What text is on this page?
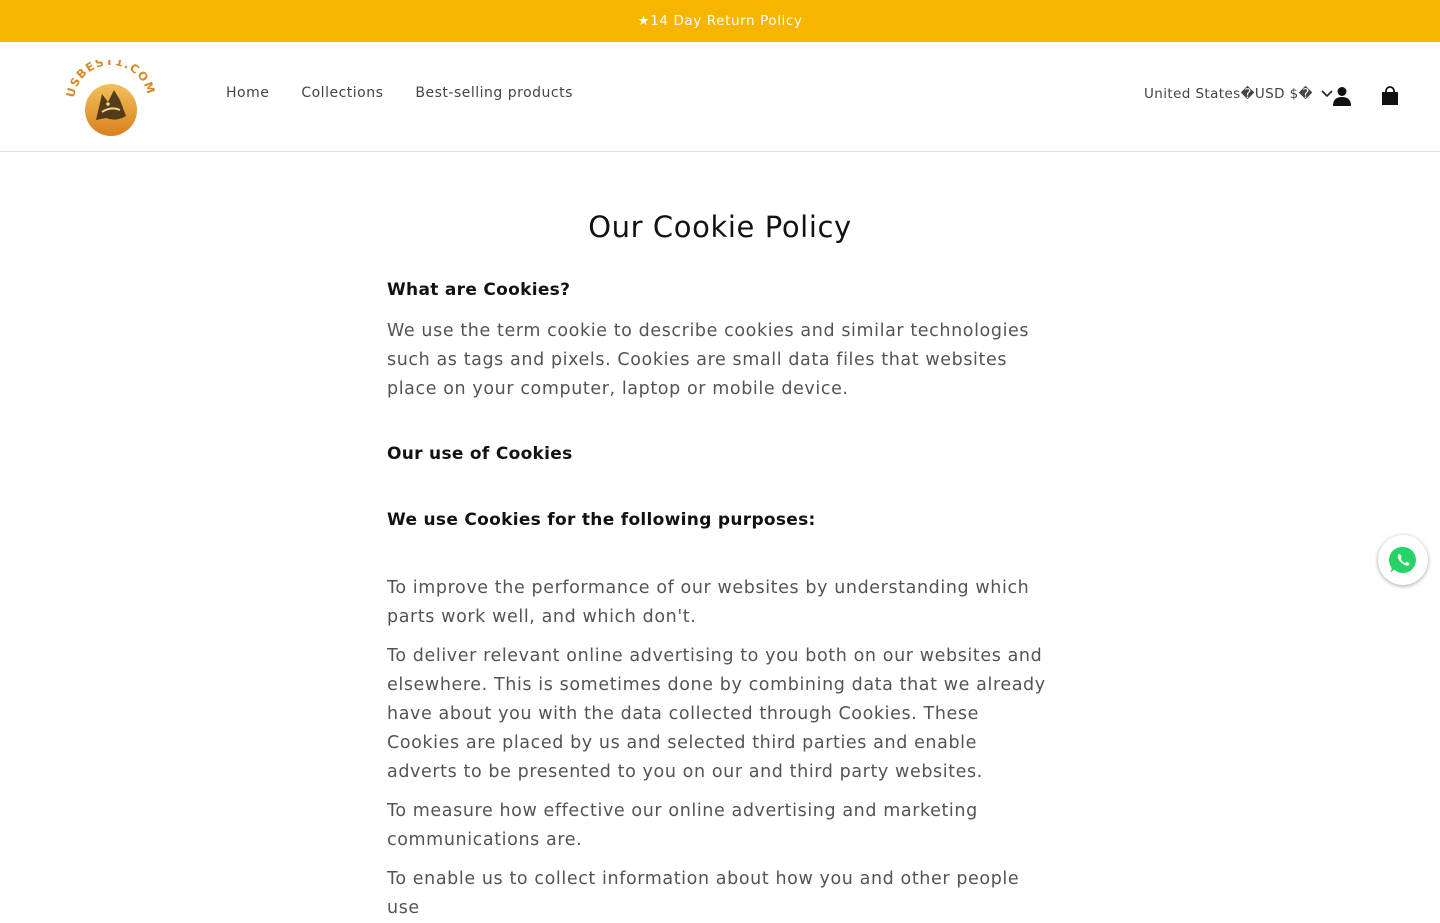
★14 Day Return Policy
SBEST1.CO
Home Collections Best-selling products	United States�USD $�
Our Cookie Policy
What are Cookies?

We use the term cookie to describe cookies and similar technologies such as tags and pixels. Cookies are small data files that websites place on your computer, laptop or mobile device.

Our use of Cookies
We use Cookies for the following purposes:

To improve the performance of our websites by understanding which parts work well, and which don't.

To deliver relevant online advertising to you both on our websites and elsewhere. This is sometimes done by combining data that we already have about you with the data collected through Cookies. These Cookies are placed by us and selected third parties and enable adverts to be presented to you on our and third party websites.

To measure how effective our online advertising and marketing communications are.

To enable us to collect information about how you and other people use
